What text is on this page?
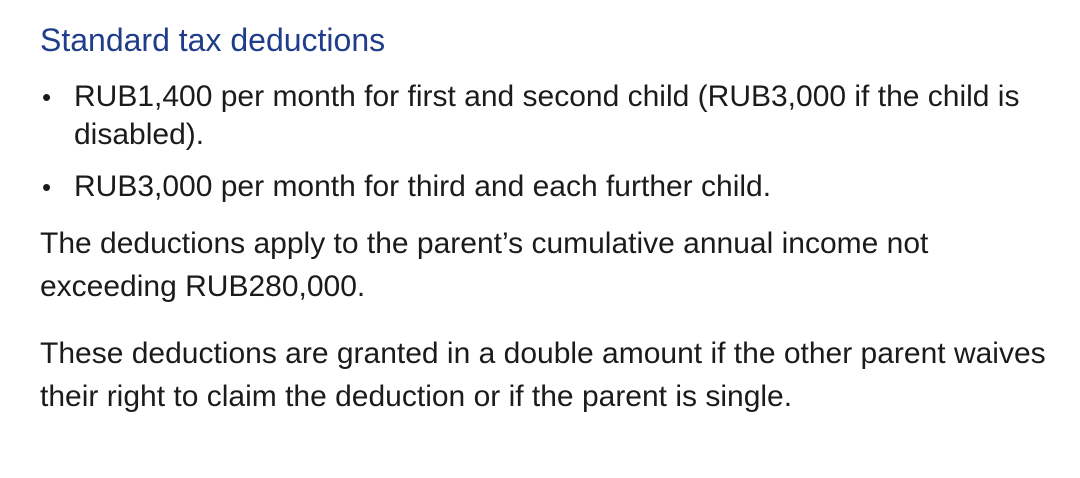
Standard tax deductions
• RUB1,400 per month for first and second child (RUB3,000 if the child is disabled).
• RUB3,000 per month for third and each further child.

The deductions apply to the parent’s cumulative annual income not exceeding RUB280,000.

These deductions are granted in a double amount if the other parent waives their right to claim the deduction or if the parent is single.
